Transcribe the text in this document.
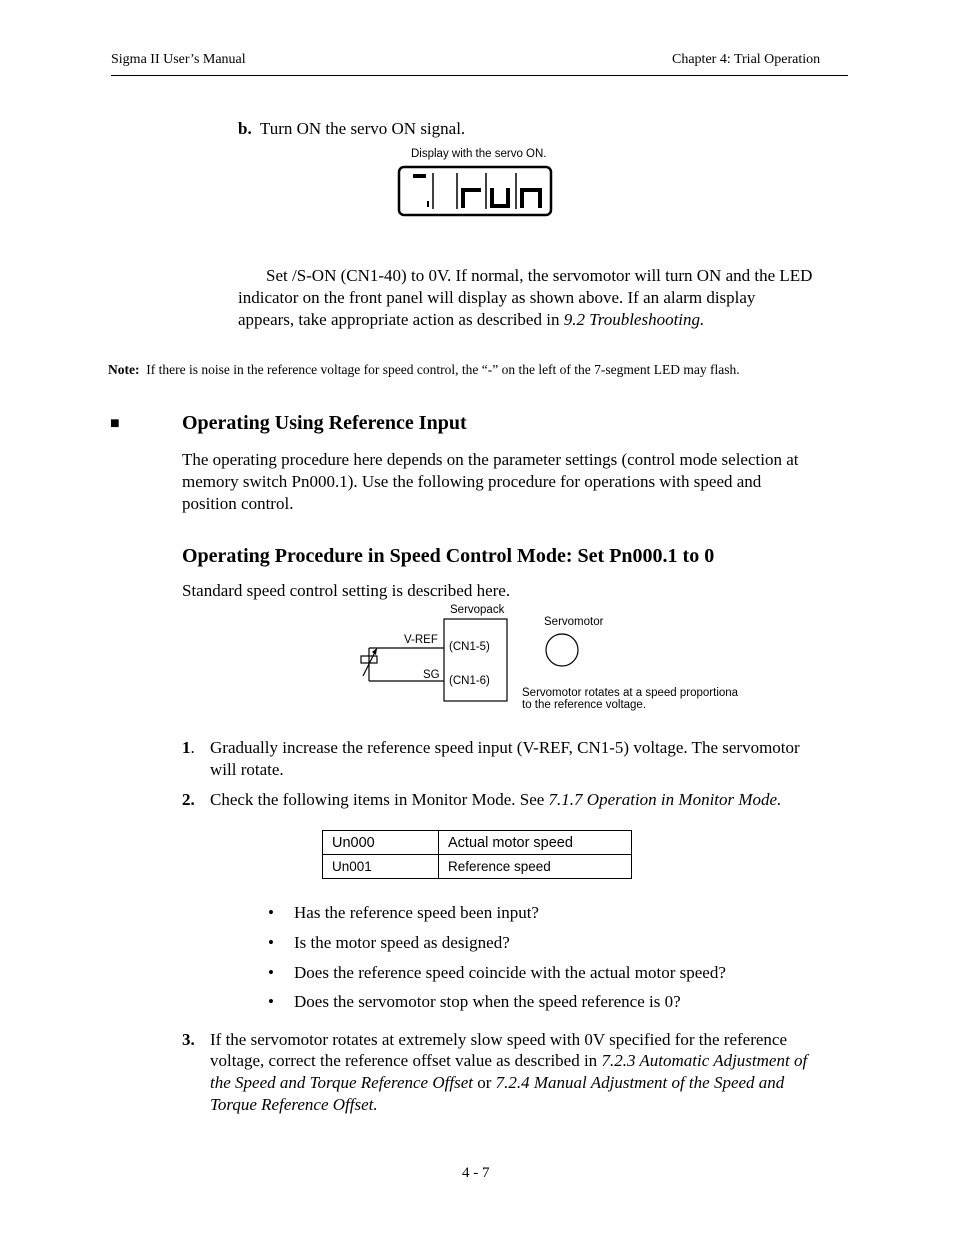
Sigma II User’s Manual	Chapter 4: Trial Operation
b. Turn ON the servo ON signal.
Display with the servo ON.
Set /S-ON (CN1-40) to 0V. If normal, the servomotor will turn ON and the LED
indicator on the front panel will display as shown above. If an alarm display
appears, take appropriate action as described in 9.2 Troubleshooting.
Note: If there is noise in the reference voltage for speed control, the “-” on the left of the 7-segment LED may flash.
■	Operating Using Reference Input
The operating procedure here depends on the parameter settings (control mode selection at
memory switch Pn000.1). Use the following procedure for operations with speed and
position control.
Operating Procedure in Speed Control Mode: Set Pn000.1 to 0
Standard speed control setting is described here.
Servopack
Servomotor
V-REF
SG
(CN1-5)
(CN1-6)
Servomotor rotates at a speed proportiona
to the reference voltage.
1. Gradually increase the reference speed input (V-REF, CN1-5) voltage. The servomotor
will rotate.
2. Check the following items in Monitor Mode. See 7.1.7 Operation in Monitor Mode.
Un000	Actual motor speed
Un001	Reference speed
• Has the reference speed been input?
• Is the motor speed as designed?
• Does the reference speed coincide with the actual motor speed?
• Does the servomotor stop when the speed reference is 0?
3. If the servomotor rotates at extremely slow speed with 0V specified for the reference
voltage, correct the reference offset value as described in 7.2.3 Automatic Adjustment of
the Speed and Torque Reference Offset or 7.2.4 Manual Adjustment of the Speed and
Torque Reference Offset.
4 - 7
